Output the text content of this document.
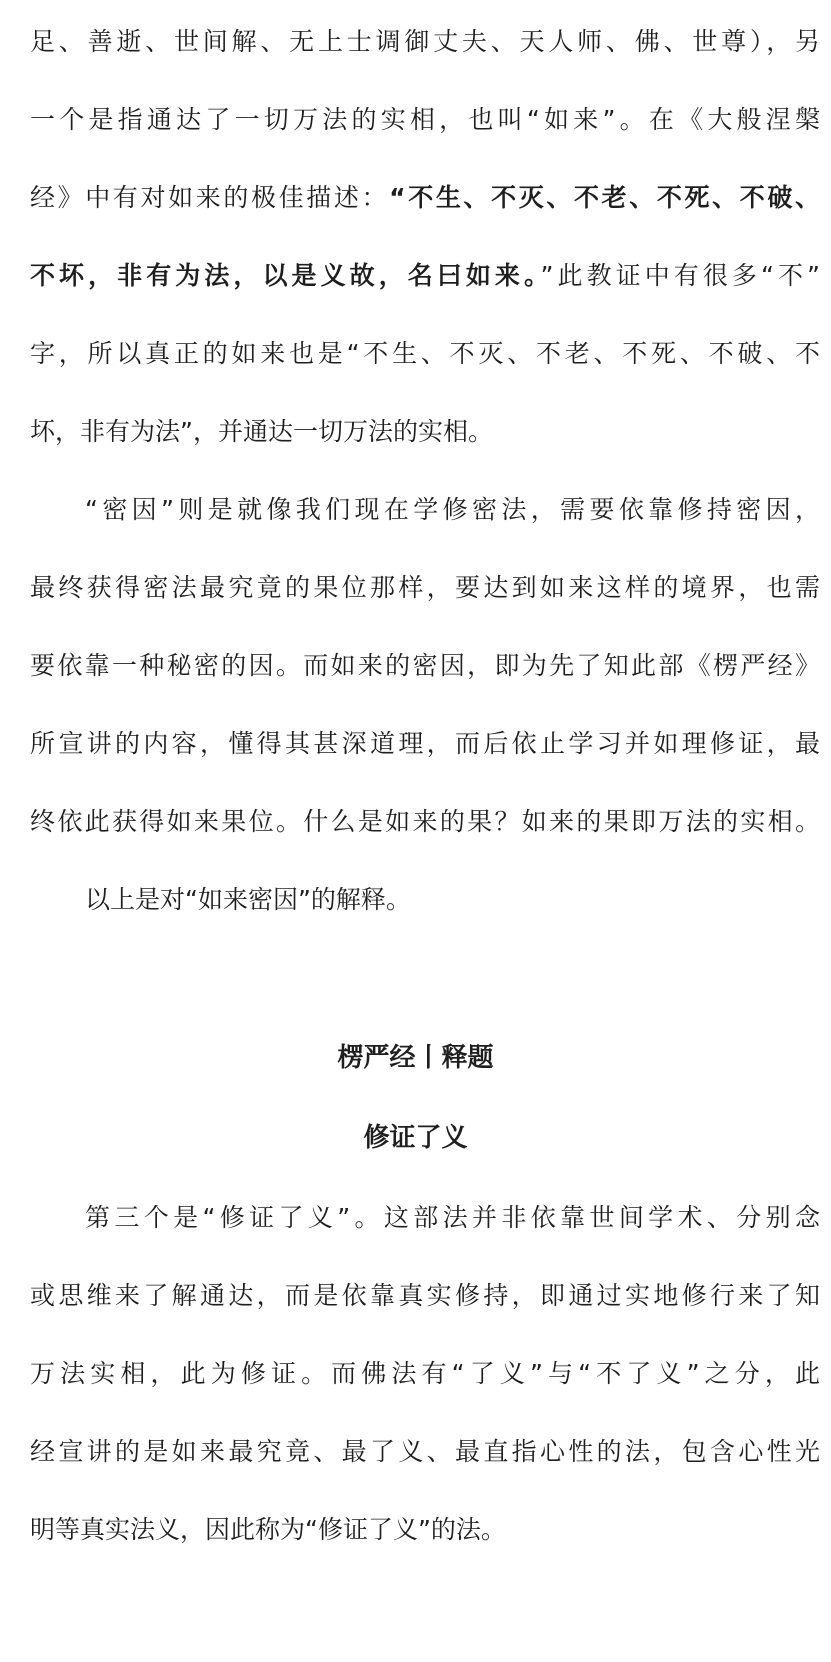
足、善逝、世间解、无上士调御丈夫、天人师、佛、世尊），另
一个是指通达了一切万法的实相，也叫“如来”。在《大般涅槃
经》中有对如来的极佳描述：“不生、不灭、不老、不死、不破、
不坏，非有为法，以是义故，名曰如来。”此教证中有很多“不”
字，所以真正的如来也是“不生、不灭、不老、不死、不破、不
坏，非有为法”，并通达一切万法的实相。
“密因”则是就像我们现在学修密法，需要依靠修持密因，
最终获得密法最究竟的果位那样，要达到如来这样的境界，也需
要依靠一种秘密的因。而如来的密因，即为先了知此部《楞严经》
所宣讲的内容，懂得其甚深道理，而后依止学习并如理修证，最
终依此获得如来果位。什么是如来的果？如来的果即万法的实相。
以上是对“如来密因”的解释。
楞严经丨释题
修证了义
第三个是“修证了义”。这部法并非依靠世间学术、分别念
或思维来了解通达，而是依靠真实修持，即通过实地修行来了知
万法实相，此为修证。而佛法有“了义”与“不了义”之分，此
经宣讲的是如来最究竟、最了义、最直指心性的法，包含心性光
明等真实法义，因此称为“修证了义”的法。
